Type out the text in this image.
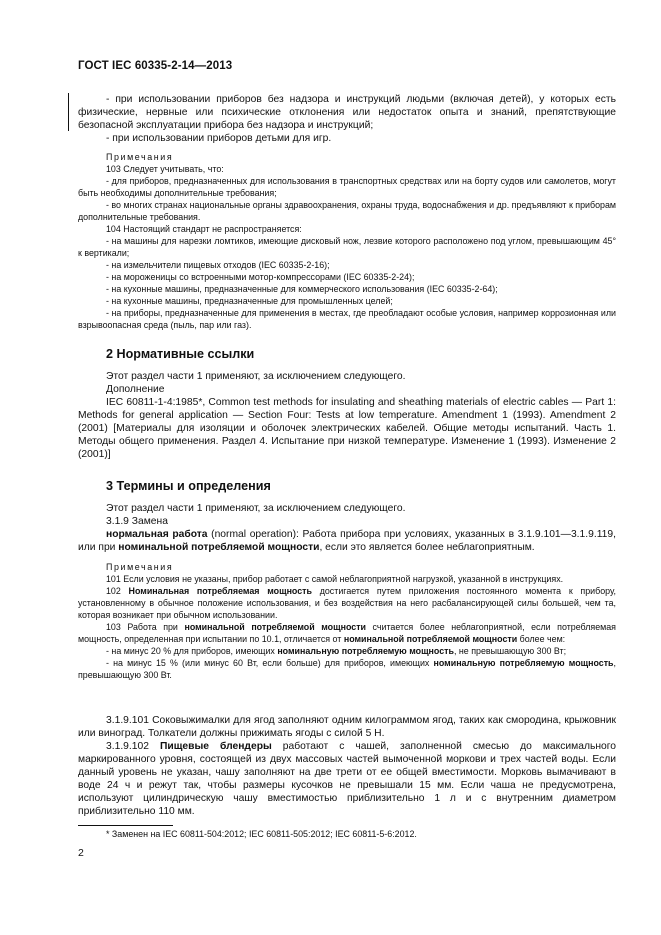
ГОСТ IEC 60335-2-14—2013

- при использовании приборов без надзора и инструкций людьми (включая детей), у которых есть физические, нервные или психические отклонения или недостаток опыта и знаний, препятствующие безопасной эксплуатации прибора без надзора и инструкций;

- при использовании приборов детьми для игр.

Примечания

103 Следует учитывать, что:

- для приборов, предназначенных для использования в транспортных средствах или на борту судов или самолетов, могут быть необходимы дополнительные требования;

- во многих странах национальные органы здравоохранения, охраны труда, водоснабжения и др. предъявляют к приборам дополнительные требования.

104 Настоящий стандарт не распространяется:

- на машины для нарезки ломтиков, имеющие дисковый нож, лезвие которого расположено под углом, превышающим 45° к вертикали;

- на измельчители пищевых отходов (IEC 60335-2-16);

- на мороженицы со встроенными мотор-компрессорами (IEC 60335-2-24);

- на кухонные машины, предназначенные для коммерческого использования (IEC 60335-2-64);

- на кухонные машины, предназначенные для промышленных целей;

- на приборы, предназначенные для применения в местах, где преобладают особые условия, например коррозионная или взрывоопасная среда (пыль, пар или газ).

2 Нормативные ссылки

Этот раздел части 1 применяют, за исключением следующего.

Дополнение

IEC 60811-1-4:1985*, Common test methods for insulating and sheathing materials of electric cables — Part 1: Methods for general application — Section Four: Tests at low temperature. Amendment 1 (1993). Amendment 2 (2001) [Материалы для изоляции и оболочек электрических кабелей. Общие методы испытаний. Часть 1. Методы общего применения. Раздел 4. Испытание при низкой температуре. Изменение 1 (1993). Изменение 2 (2001)]

3 Термины и определения

Этот раздел части 1 применяют, за исключением следующего.

3.1.9 Замена

нормальная работа (normal operation): Работа прибора при условиях, указанных в 3.1.9.101—3.1.9.119, или при номинальной потребляемой мощности, если это является более неблагоприятным.

Примечания

101 Если условия не указаны, прибор работает с самой неблагоприятной нагрузкой, указанной в инструкциях.

102 Номинальная потребляемая мощность достигается путем приложения постоянного момента к прибору, установленному в обычное положение использования, и без воздействия на него расбалансирующей силы большей, чем та, которая возникает при обычном использовании.

103 Работа при номинальной потребляемой мощности считается более неблагоприятной, если потребляемая мощность, определенная при испытании по 10.1, отличается от номинальной потребляемой мощности более чем:

- на минус 20 % для приборов, имеющих номинальную потребляемую мощность, не превышающую 300 Вт;

- на минус 15 % (или минус 60 Вт, если больше) для приборов, имеющих номинальную потребляемую мощность, превышающую 300 Вт.

3.1.9.101 Соковыжималки для ягод заполняют одним килограммом ягод, таких как смородина, крыжовник или виноград. Толкатели должны прижимать ягоды с силой 5 Н.

3.1.9.102 Пищевые блендеры работают с чашей, заполненной смесью до максимального маркированного уровня, состоящей из двух массовых частей вымоченной моркови и трех частей воды. Если данный уровень не указан, чашу заполняют на две трети от ее общей вместимости. Морковь вымачивают в воде 24 ч и режут так, чтобы размеры кусочков не превышали 15 мм. Если чаша не предусмотрена, используют цилиндрическую чашу вместимостью приблизительно 1 л и с внутренним диаметром приблизительно 110 мм.

* Заменен на IEC 60811-504:2012; IEC 60811-505:2012; IEC 60811-5-6:2012.
2
